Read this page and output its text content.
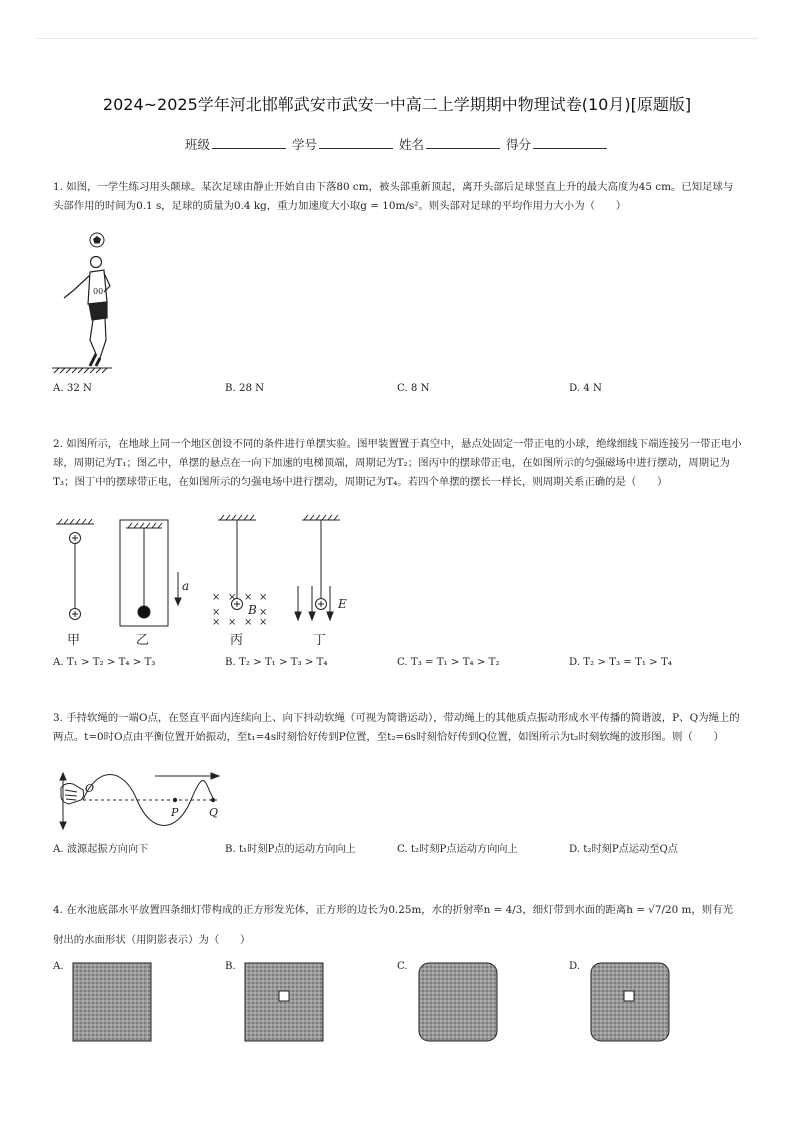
2024~2025学年河北邯郸武安市武安一中高二上学期期中物理试卷(10月)[原题版]
班级	学号	姓名	得分
1. 如图，一学生练习用头颠球。某次足球由静止开始自由下落80 cm，被头部重新顶起，离开头部后足球竖直上升的最大高度为45 cm。已知足球与头部作用的时间为0.1 s，足球的质量为0.4 kg，重力加速度大小取g = 10m/s²。则头部对足球的平均作用力大小为（　　）
00
A. 32 N	B. 28 N	C. 8 N	D. 4 N
2. 如图所示，在地球上同一个地区创设不同的条件进行单摆实验。图甲装置置于真空中，悬点处固定一带正电的小球，绝缘细线下端连接另一带正电小球，周期记为T₁；图乙中，单摆的悬点在一向下加速的电梯顶端，周期记为T₂；图丙中的摆球带正电，在如图所示的匀强磁场中进行摆动，周期记为T₃；图丁中的摆球带正电，在如图所示的匀强电场中进行摆动，周期记为T₄。若四个单摆的摆长一样长，则周期关系正确的是（　　）
甲
a
乙
× × × ×
×	×
× × × ×
B
丙
E
丁
A. T₁ > T₂ > T₄ > T₃	B. T₂ > T₁ > T₃ > T₄	C. T₃ = T₁ > T₄ > T₂	D. T₂ > T₃ = T₁ > T₄
3. 手持软绳的一端O点，在竖直平面内连续向上、向下抖动软绳（可视为简谐运动），带动绳上的其他质点振动形成水平传播的简谐波，P、Q为绳上的两点。t=0时O点由平衡位置开始振动，至t₁=4s时刻恰好传到P位置，至t₂=6s时刻恰好传到Q位置，如图所示为t₂时刻软绳的波形图。则（　　）
O
P	Q
A. 波源起振方向向下	B. t₁时刻P点的运动方向向上	C. t₂时刻P点运动方向向上	D. t₂时刻P点运动至Q点
4. 在水池底部水平放置四条细灯带构成的正方形发光体，正方形的边长为0.25m，水的折射率n = 4/3，细灯带到水面的距离h = √7/20 m，则有光射出的水面形状（用阴影表示）为（　　）
A.	B.	C.	D.
